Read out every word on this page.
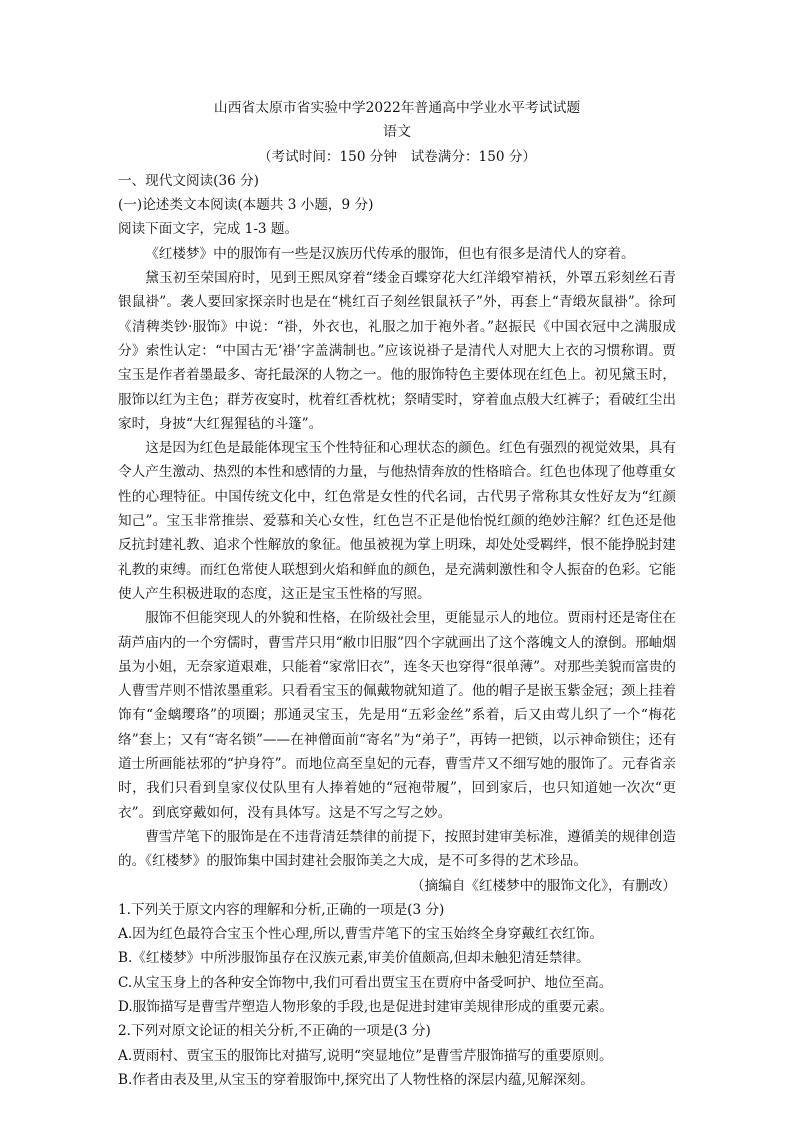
山西省太原市省实验中学2022年普通高中学业水平考试试题
语文
（考试时间：150 分钟　试卷满分：150 分）
一、现代文阅读(36 分)
(一)论述类文本阅读(本题共 3 小题，9 分)
阅读下面文字，完成 1-3 题。

《红楼梦》中的服饰有一些是汉族历代传承的服饰，但也有很多是清代人的穿着。

黛玉初至荣国府时，见到王熙凤穿着“缕金百蝶穿花大红洋缎窄褃袄，外罩五彩刻丝石青银鼠褂”。袭人要回家探亲时也是在“桃红百子刻丝银鼠袄子”外，再套上“青缎灰鼠褂”。徐珂《清稗类钞·服饰》中说：“褂，外衣也，礼服之加于袍外者。”赵振民《中国衣冠中之满服成分》索性认定：“中国古无‘褂’字盖满制也。”应该说褂子是清代人对肥大上衣的习惯称谓。贾宝玉是作者着墨最多、寄托最深的人物之一。他的服饰特色主要体现在红色上。初见黛玉时，服饰以红为主色；群芳夜宴时，枕着红香枕枕；祭晴雯时，穿着血点般大红裤子；看破红尘出家时，身披“大红猩猩毡的斗篷”。

这是因为红色是最能体现宝玉个性特征和心理状态的颜色。红色有强烈的视觉效果，具有令人产生激动、热烈的本性和感情的力量，与他热情奔放的性格暗合。红色也体现了他尊重女性的心理特征。中国传统文化中，红色常是女性的代名词，古代男子常称其女性好友为“红颜知己”。宝玉非常推崇、爱慕和关心女性，红色岂不正是他怡悦红颜的绝妙注解？红色还是他反抗封建礼教、追求个性解放的象征。他虽被视为掌上明珠，却处处受羁绊，恨不能挣脱封建礼教的束缚。而红色常使人联想到火焰和鲜血的颜色，是充满刺激性和令人振奋的色彩。它能使人产生积极进取的态度，这正是宝玉性格的写照。

服饰不但能突现人的外貌和性格，在阶级社会里，更能显示人的地位。贾雨村还是寄住在葫芦庙内的一个穷儒时，曹雪芹只用“敝巾旧服”四个字就画出了这个落魄文人的潦倒。邢岫烟虽为小姐，无奈家道艰难，只能着“家常旧衣”，连冬天也穿得“很单薄”。对那些美貌而富贵的人曹雪芹则不惜浓墨重彩。只看看宝玉的佩戴物就知道了。他的帽子是嵌玉紫金冠；颈上挂着饰有“金螭璎珞”的项圈；那通灵宝玉，先是用“五彩金丝”系着，后又由莺儿织了一个“梅花络”套上；又有“寄名锁”——在神僧面前“寄名”为“弟子”，再铸一把锁，以示神命锁住；还有道士所画能祛邪的“护身符”。而地位高至皇妃的元春，曹雪芹又不细写她的服饰了。元春省亲时，我们只看到皇家仪仗队里有人捧着她的“冠袍带履”，回到家后，也只知道她一次次“更衣”。到底穿戴如何，没有具体写。这是不写之写之妙。

曹雪芹笔下的服饰是在不违背清廷禁律的前提下，按照封建审美标准，遵循美的规律创造的。《红楼梦》的服饰集中国封建社会服饰美之大成，是不可多得的艺术珍品。

（摘编自《红楼梦中的服饰文化》，有删改）
1.下列关于原文内容的理解和分析,正确的一项是(3 分)
A.因为红色最符合宝玉个性心理,所以,曹雪芹笔下的宝玉始终全身穿戴红衣红饰。
B.《红楼梦》中所涉服饰虽存在汉族元素,审美价值颇高,但却未触犯清廷禁律。
C.从宝玉身上的各种安全饰物中,我们可看出贾宝玉在贾府中备受呵护、地位至高。
D.服饰描写是曹雪芹塑造人物形象的手段,也是促进封建审美规律形成的重要元素。
2.下列对原文论证的相关分析,不正确的一项是(3 分)
A.贾雨村、贾宝玉的服饰比对描写,说明“突显地位”是曹雪芹服饰描写的重要原则。
B.作者由表及里,从宝玉的穿着服饰中,探究出了人物性格的深层内蕴,见解深刻。
